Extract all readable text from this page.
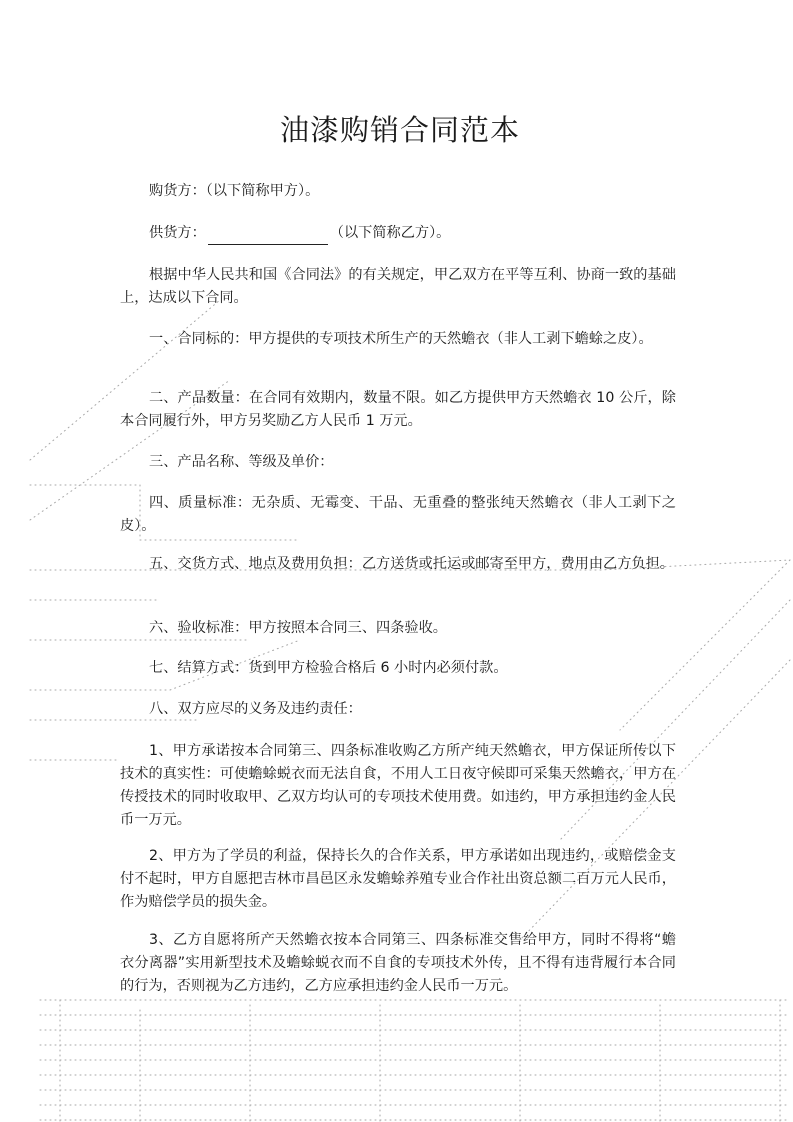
油漆购销合同范本

购货方：（以下简称甲方）。

供货方：	（以下简称乙方）。

根据中华人民共和国《合同法》的有关规定，甲乙双方在平等互利、协商一致的基础上，达成以下合同。

一、合同标的：甲方提供的专项技术所生产的天然蟾衣（非人工剥下蟾蜍之皮）。

二、产品数量：在合同有效期内，数量不限。如乙方提供甲方天然蟾衣 10 公斤，除本合同履行外，甲方另奖励乙方人民币 1 万元。

三、产品名称、等级及单价：

四、质量标准：无杂质、无霉变、干品、无重叠的整张纯天然蟾衣（非人工剥下之皮）。

五、交货方式、地点及费用负担：乙方送货或托运或邮寄至甲方，费用由乙方负担。

六、验收标准：甲方按照本合同三、四条验收。

七、结算方式：货到甲方检验合格后 6 小时内必须付款。

八、双方应尽的义务及违约责任：

1、甲方承诺按本合同第三、四条标准收购乙方所产纯天然蟾衣，甲方保证所传以下技术的真实性：可使蟾蜍蜕衣而无法自食，不用人工日夜守候即可采集天然蟾衣，甲方在传授技术的同时收取甲、乙双方均认可的专项技术使用费。如违约，甲方承担违约金人民币一万元。

2、甲方为了学员的利益，保持长久的合作关系，甲方承诺如出现违约，或赔偿金支付不起时，甲方自愿把吉林市昌邑区永发蟾蜍养殖专业合作社出资总额二百万元人民币，作为赔偿学员的损失金。

3、乙方自愿将所产天然蟾衣按本合同第三、四条标准交售给甲方，同时不得将“蟾衣分离器”实用新型技术及蟾蜍蜕衣而不自食的专项技术外传，且不得有违背履行本合同的行为，否则视为乙方违约，乙方应承担违约金人民币一万元。
